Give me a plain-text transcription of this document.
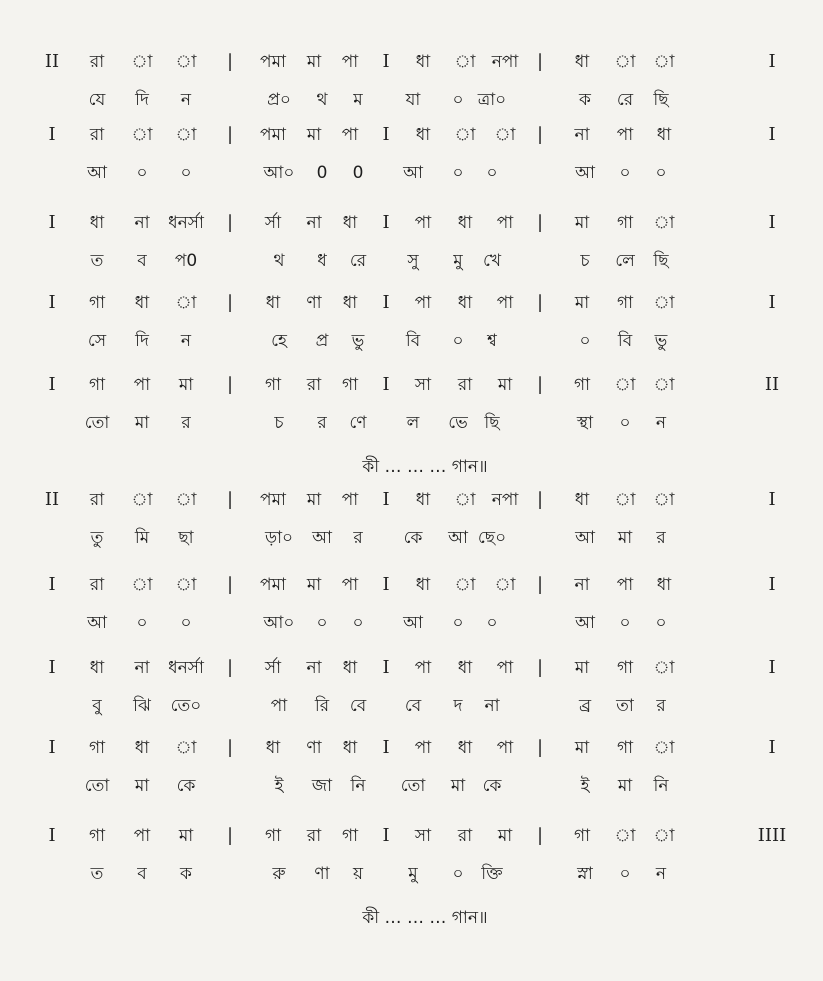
II রা া া | পমা মা পা I ধা া নপা | ধা া া	I
যে দি ন	প্র০ থ ম	যা ০ ত্রা০	ক রে ছি
I রা া া | পমা মা পা I ধা া া | না পা ধা	I
আ ০ ০	আ০ 0 0 আ ০ ০	আ ০ ০
I ধা না ধনর্সা | র্সা না ধা I পা ধা পা | মা গা া	I
ত ব প0	থ ধ রে সু মু খে	চ লে ছি
I গা ধা া | ধা ণা ধা I পা ধা পা | মা গা া	I
সে দি ন	হে প্র ভু বি ০ শ্ব	০ বি ভু
I গা পা মা | গা রা গা I সা রা মা | গা া া	II
তো মা র	চ র ণে ল ভে ছি	স্থা ০ ন
কী … … … গান॥
II রা া া | পমা মা পা I ধা া নপা | ধা া া	I
তু মি ছা	ড়া০ আ র কে আ ছে০	আ মা র
I রা া া | পমা মা পা I ধা া া | না পা ধা	I
আ ০ ০	আ০ ০ ০ আ ০ ০	আ ০ ০
I ধা না ধনর্সা | র্সা না ধা I পা ধা পা | মা গা া	I
বু ঝি তে০	পা রি বে বে দ না	ব্র তা র
I গা ধা া | ধা ণা ধা I পা ধা পা | মা গা া	I
তো মা কে	ই জা নি তো মা কে	ই মা নি
I গা পা মা | গা রা গা I সা রা মা | গা া া	IIII
ত ব ক	রু ণা য়	মু ০ ক্তি	স্না ০ ন
কী … … … গান॥
